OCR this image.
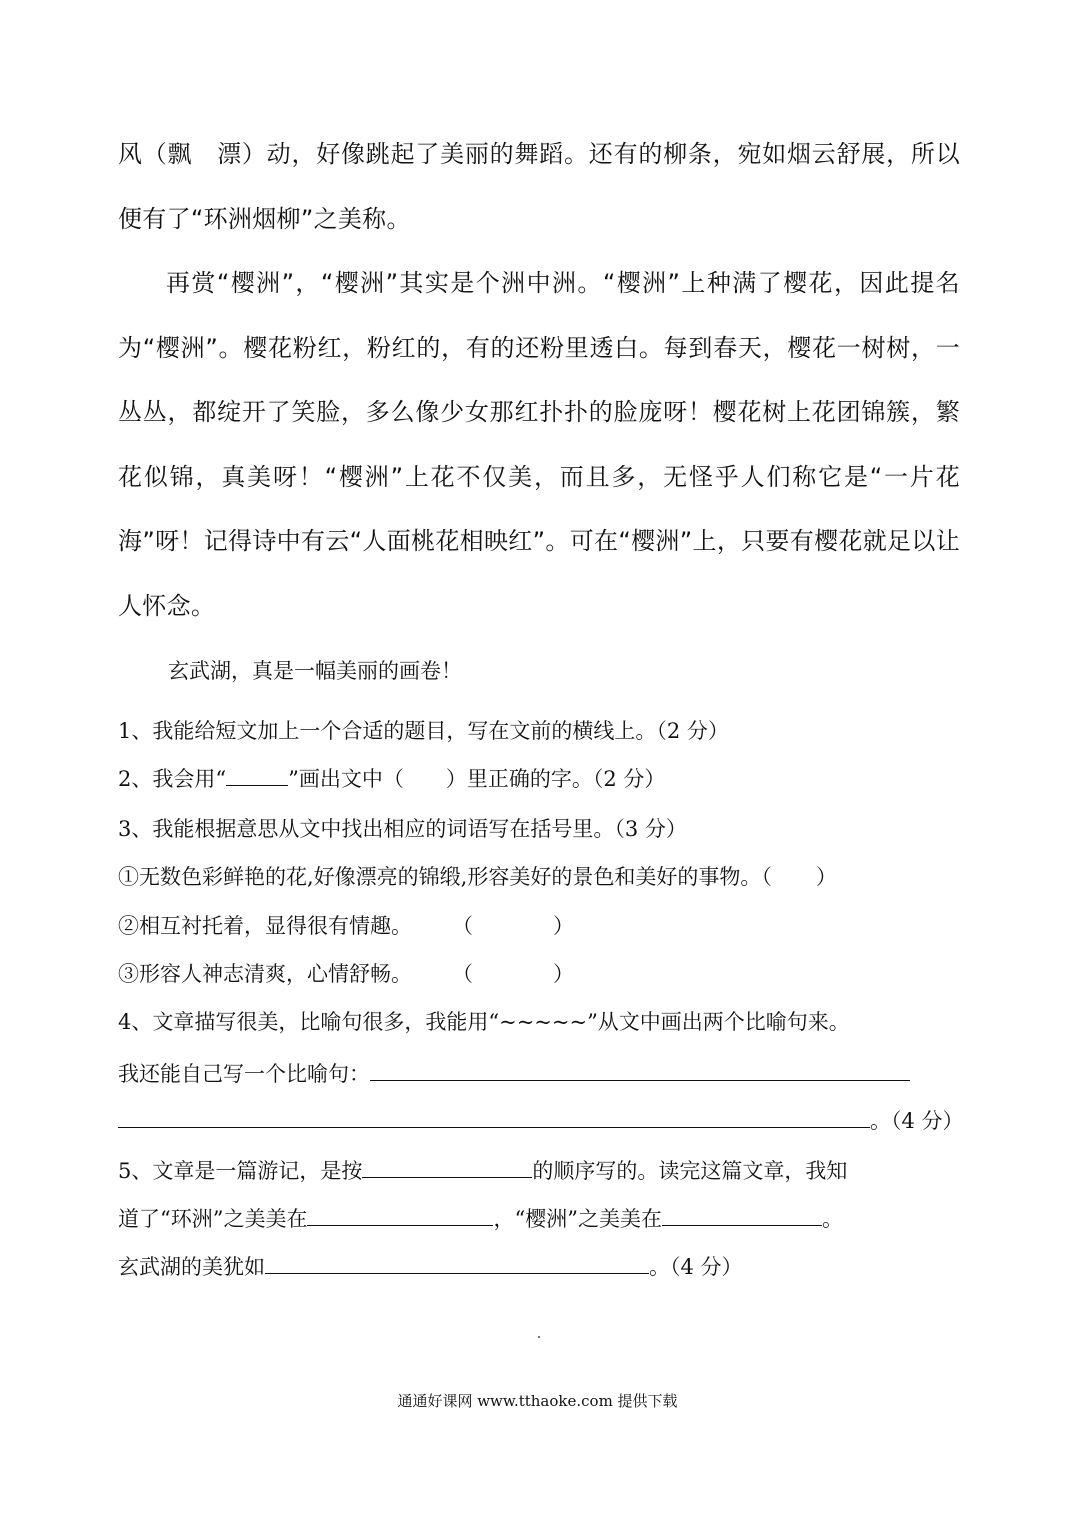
风（飘　漂）动，好像跳起了美丽的舞蹈。还有的柳条，宛如烟云舒展，所以便有了“环洲烟柳”之美称。

再赏“樱洲”，“樱洲”其实是个洲中洲。“樱洲”上种满了樱花，因此提名为“樱洲”。樱花粉红，粉红的，有的还粉里透白。每到春天，樱花一树树，一丛丛，都绽开了笑脸，多么像少女那红扑扑的脸庞呀！樱花树上花团锦簇，繁花似锦，真美呀！“樱洲”上花不仅美，而且多，无怪乎人们称它是“一片花海”呀！记得诗中有云“人面桃花相映红”。可在“樱洲”上，只要有樱花就足以让人怀念。

玄武湖，真是一幅美丽的画卷！
1、我能给短文加上一个合适的题目，写在文前的横线上。（2 分）
2、我会用“	”画出文中（　　）里正确的字。（2 分）
3、我能根据意思从文中找出相应的词语写在括号里。（3 分）
①无数色彩鲜艳的花,好像漂亮的锦缎,形容美好的景色和美好的事物。（ ）
②相互衬托着，显得很有情趣。 （	）
③形容人神志清爽，心情舒畅。 （	）
4、文章描写很美，比喻句很多，我能用“~~~~~”从文中画出两个比喻句来。
我还能自己写一个比喻句：
。（4 分）
5、文章是一篇游记，是按	的顺序写的。读完这篇文章，我知
道了“环洲”之美美在	，“樱洲”之美美在	。
玄武湖的美犹如	。（4 分）
通通好课网 www.tthaoke.com 提供下载
